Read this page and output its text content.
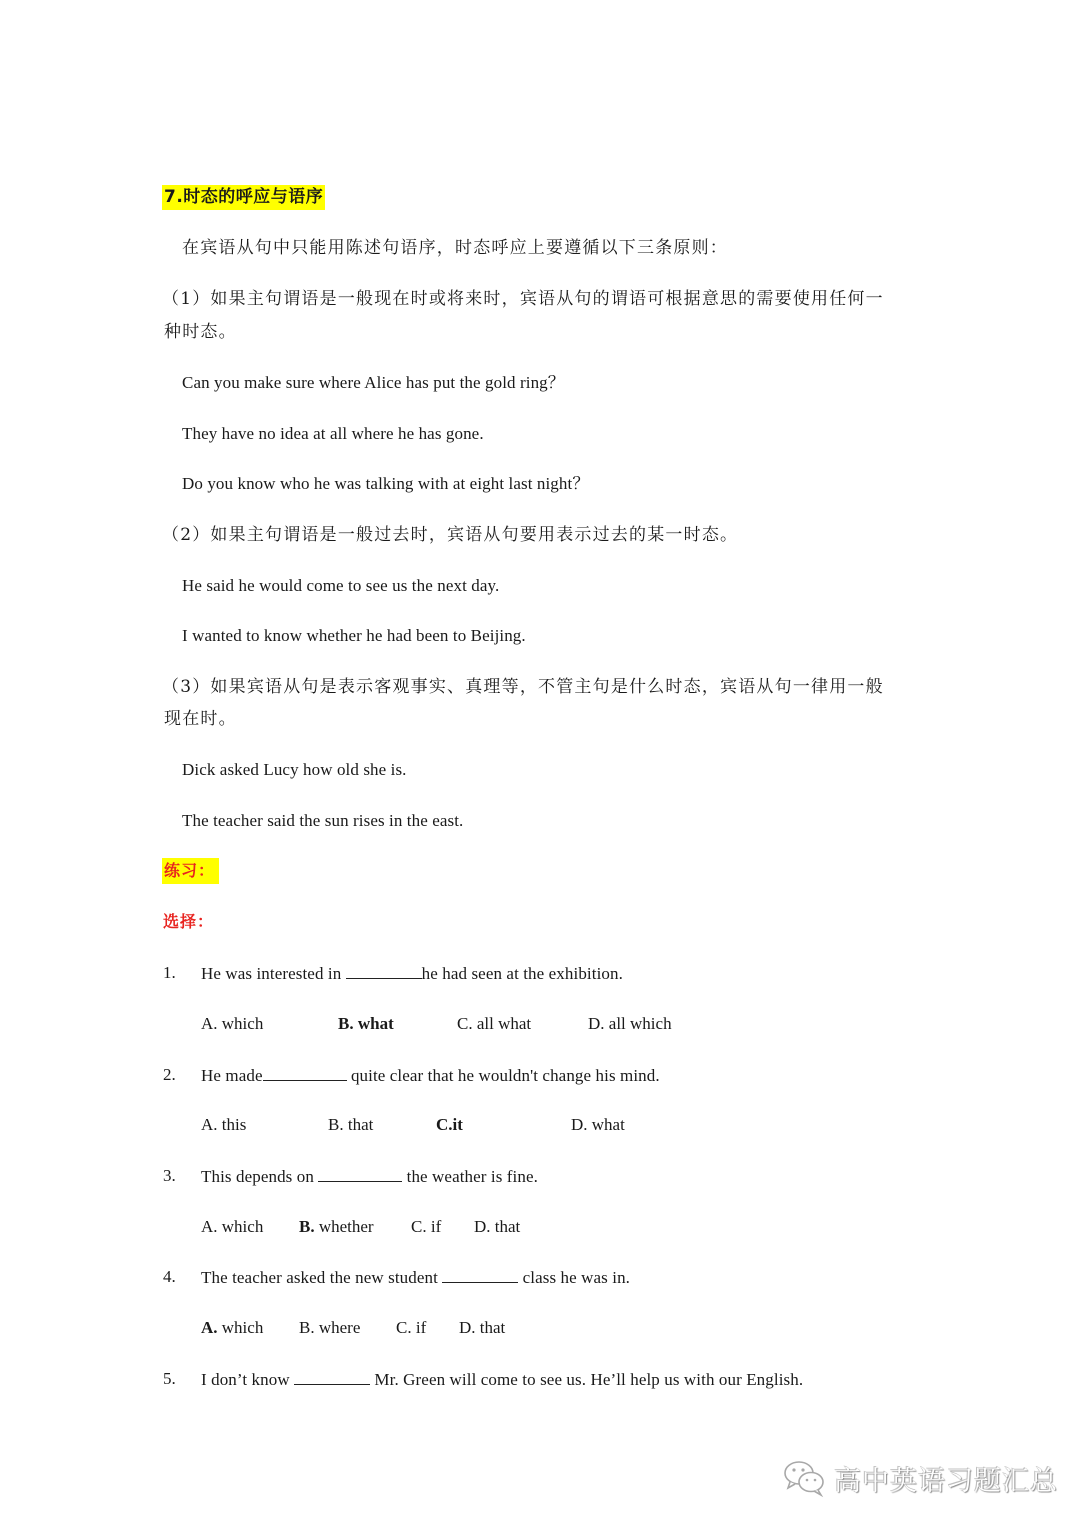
7.时态的呼应与语序
在宾语从句中只能用陈述句语序，时态呼应上要遵循以下三条原则：
（1）如果主句谓语是一般现在时或将来时，宾语从句的谓语可根据意思的需要使用任何一
种时态。
Can you make sure where Alice has put the gold ring？
They have no idea at all where he has gone.
Do you know who he was talking with at eight last night？
（2）如果主句谓语是一般过去时，宾语从句要用表示过去的某一时态。
He said he would come to see us the next day.
I wanted to know whether he had been to Beijing.
（3）如果宾语从句是表示客观事实、真理等，不管主句是什么时态，宾语从句一律用一般
现在时。
Dick asked Lucy how old she is.
The teacher said the sun rises in the east.
练习：
选择：
1. He was interested in	he had seen at the exhibition.
A. which	B. what	C. all what	D. all which
2. He made	quite clear that he wouldn't change his mind.
A. this	B. that	C.it	D. what
3. This depends on	the weather is fine.
A. which B. whether C. if D. that
4. The teacher asked the new student	class he was in.
A. which B. where C. if D. that
5. I don’t know	Mr. Green will come to see us. He’ll help us with our English.
高中英语习题汇总
